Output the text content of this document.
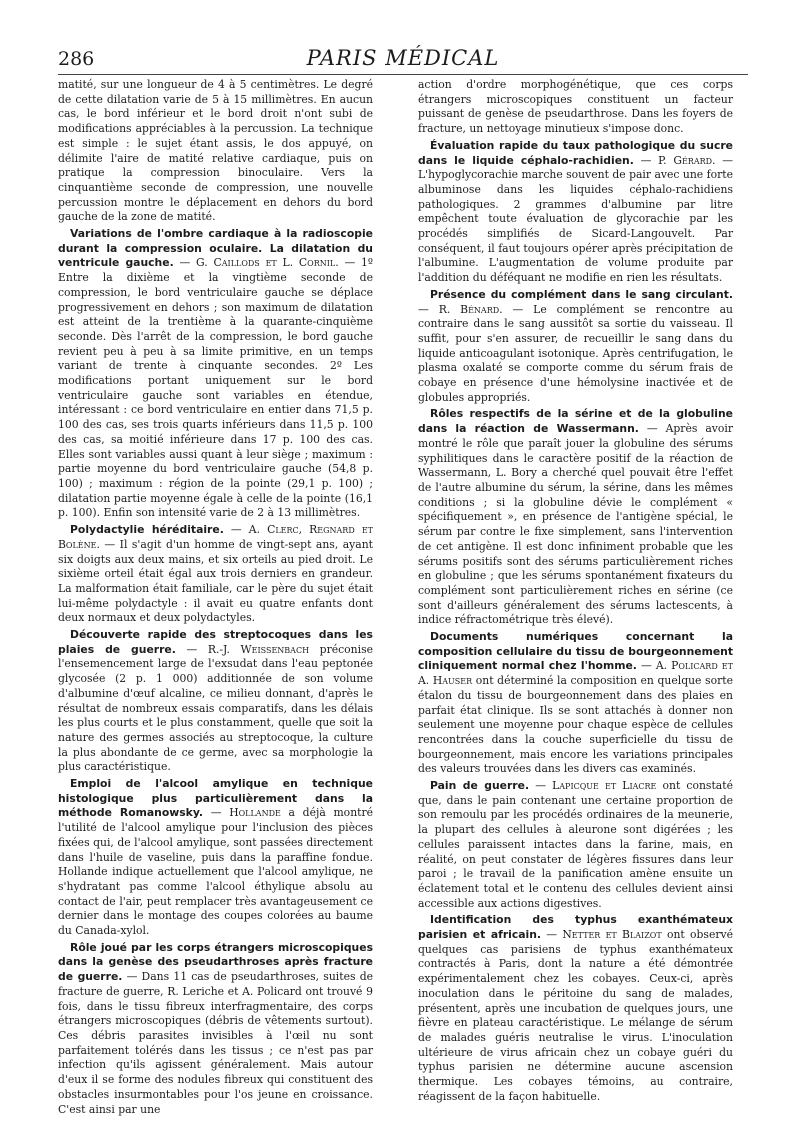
286	PARIS MÉDICAL

matité, sur une longueur de 4 à 5 centimètres. Le degré de cette dilatation varie de 5 à 15 millimètres. En aucun cas, le bord inférieur et le bord droit n'ont subi de modifications appréciables à la percussion. La technique est simple : le sujet étant assis, le dos appuyé, on délimite l'aire de matité relative cardiaque, puis on pratique la compression binoculaire. Vers la cinquantième seconde de compression, une nouvelle percussion montre le déplacement en dehors du bord gauche de la zone de matité.

Variations de l'ombre cardiaque à la radioscopie durant la compression oculaire. La dilatation du ventricule gauche. — G. Caillods et L. Cornil. — 1º Entre la dixième et la vingtième seconde de compression, le bord ventriculaire gauche se déplace progressivement en dehors ; son maximum de dilatation est atteint de la trentième à la quarante-cinquième seconde. Dès l'arrêt de la compression, le bord gauche revient peu à peu à sa limite primitive, en un temps variant de trente à cinquante secondes. 2º Les modifications portant uniquement sur le bord ventriculaire gauche sont variables en étendue, intéressant : ce bord ventriculaire en entier dans 71,5 p. 100 des cas, ses trois quarts inférieurs dans 11,5 p. 100 des cas, sa moitié inférieure dans 17 p. 100 des cas. Elles sont variables aussi quant à leur siège ; maximum : partie moyenne du bord ventriculaire gauche (54,8 p. 100) ; maximum : région de la pointe (29,1 p. 100) ; dilatation partie moyenne égale à celle de la pointe (16,1 p. 100). Enfin son intensité varie de 2 à 13 millimètres.

Polydactylie héréditaire. — A. Clerc, Regnard et Bolène. — Il s'agit d'un homme de vingt-sept ans, ayant six doigts aux deux mains, et six orteils au pied droit. Le sixième orteil était égal aux trois derniers en grandeur. La malformation était familiale, car le père du sujet était lui-même polydactyle : il avait eu quatre enfants dont deux normaux et deux polydactyles.

Découverte rapide des streptocoques dans les plaies de guerre. — R.-J. Weissenbach préconise l'ensemencement large de l'exsudat dans l'eau peptonée glycosée (2 p. 1 000) additionnée de son volume d'albumine d'œuf alcaline, ce milieu donnant, d'après le résultat de nombreux essais comparatifs, dans les délais les plus courts et le plus constamment, quelle que soit la nature des germes associés au streptocoque, la culture la plus abondante de ce germe, avec sa morphologie la plus caractéristique.

Emploi de l'alcool amylique en technique histologique plus particulièrement dans la méthode Romanowsky. — Hollande a déjà montré l'utilité de l'alcool amylique pour l'inclusion des pièces fixées qui, de l'alcool amylique, sont passées directement dans l'huile de vaseline, puis dans la paraffine fondue. Hollande indique actuellement que l'alcool amylique, ne s'hydratant pas comme l'alcool éthylique absolu au contact de l'air, peut remplacer très avantageusement ce dernier dans le montage des coupes colorées au baume du Canada-xylol.

Rôle joué par les corps étrangers microscopiques dans la genèse des pseudarthroses après fracture de guerre. — Dans 11 cas de pseudarthroses, suites de fracture de guerre, R. Leriche et A. Policard ont trouvé 9 fois, dans le tissu fibreux interfragmentaire, des corps étrangers microscopiques (débris de vêtements surtout). Ces débris parasites invisibles à l'œil nu sont parfaitement tolérés dans les tissus ; ce n'est pas par infection qu'ils agissent généralement. Mais autour d'eux il se forme des nodules fibreux qui constituent des obstacles insurmontables pour l'os jeune en croissance. C'est ainsi par une

action d'ordre morphogénétique, que ces corps étrangers microscopiques constituent un facteur puissant de genèse de pseudarthrose. Dans les foyers de fracture, un nettoyage minutieux s'impose donc.

Évaluation rapide du taux pathologique du sucre dans le liquide céphalo-rachidien. — P. Gérard. — L'hypoglycorachie marche souvent de pair avec une forte albuminose dans les liquides céphalo-rachidiens pathologiques. 2 grammes d'albumine par litre empêchent toute évaluation de glycorachie par les procédés simplifiés de Sicard-Langouvelt. Par conséquent, il faut toujours opérer après précipitation de l'albumine. L'augmentation de volume produite par l'addition du déféquant ne modifie en rien les résultats.

Présence du complément dans le sang circulant. — R. Bénard. — Le complément se rencontre au contraire dans le sang aussitôt sa sortie du vaisseau. Il suffit, pour s'en assurer, de recueillir le sang dans du liquide anticoagulant isotonique. Après centrifugation, le plasma oxalaté se comporte comme du sérum frais de cobaye en présence d'une hémolysine inactivée et de globules appropriés.

Rôles respectifs de la sérine et de la globuline dans la réaction de Wassermann. — Après avoir montré le rôle que paraît jouer la globuline des sérums syphilitiques dans le caractère positif de la réaction de Wassermann, L. Bory a cherché quel pouvait être l'effet de l'autre albumine du sérum, la sérine, dans les mêmes conditions ; si la globuline dévie le complément « spécifiquement », en présence de l'antigène spécial, le sérum par contre le fixe simplement, sans l'intervention de cet antigène. Il est donc infiniment probable que les sérums positifs sont des sérums particulièrement riches en globuline ; que les sérums spontanément fixateurs du complément sont particulièrement riches en sérine (ce sont d'ailleurs généralement des sérums lactescents, à indice réfractométrique très élevé).

Documents numériques concernant la composition cellulaire du tissu de bourgeonnement cliniquement normal chez l'homme. — A. Policard et A. Hauser ont déterminé la composition en quelque sorte étalon du tissu de bourgeonnement dans des plaies en parfait état clinique. Ils se sont attachés à donner non seulement une moyenne pour chaque espèce de cellules rencontrées dans la couche superficielle du tissu de bourgeonnement, mais encore les variations principales des valeurs trouvées dans les divers cas examinés.

Pain de guerre. — Lapicque et Liacre ont constaté que, dans le pain contenant une certaine proportion de son remoulu par les procédés ordinaires de la meunerie, la plupart des cellules à aleurone sont digérées ; les cellules paraissent intactes dans la farine, mais, en réalité, on peut constater de légères fissures dans leur paroi ; le travail de la panification amène ensuite un éclatement total et le contenu des cellules devient ainsi accessible aux actions digestives.

Identification des typhus exanthémateux parisien et africain. — Netter et Blaizot ont observé quelques cas parisiens de typhus exanthémateux contractés à Paris, dont la nature a été démontrée expérimentalement chez les cobayes. Ceux-ci, après inoculation dans le péritoine du sang de malades, présentent, après une incubation de quelques jours, une fièvre en plateau caractéristique. Le mélange de sérum de malades guéris neutralise le virus. L'inoculation ultérieure de virus africain chez un cobaye guéri du typhus parisien ne détermine aucune ascension thermique. Les cobayes témoins, au contraire, réagissent de la façon habituelle.
